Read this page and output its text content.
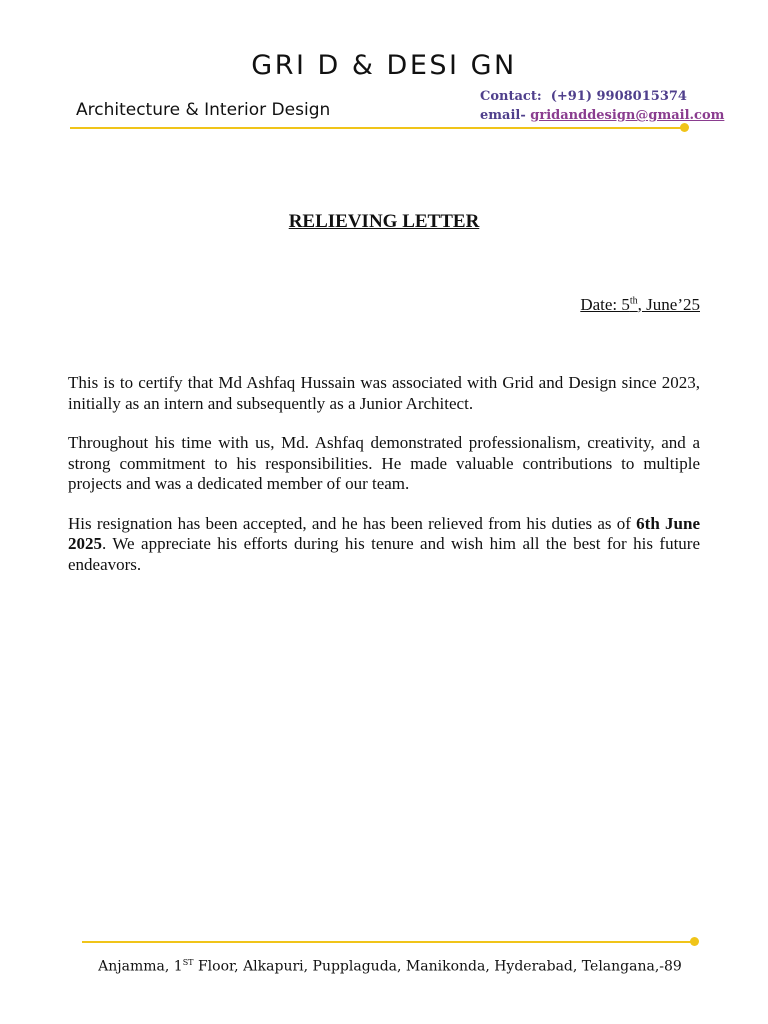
GRI D & DESI GN
Architecture & Interior Design
Contact: (+91) 9908015374
email- gridanddesign@gmail.com
RELIEVING LETTER
Date: 5th, June’25

This is to certify that Md Ashfaq Hussain was associated with Grid and Design since 2023, initially as an intern and subsequently as a Junior Architect.

Throughout his time with us, Md. Ashfaq demonstrated professionalism, creativity, and a strong commitment to his responsibilities. He made valuable contributions to multiple projects and was a dedicated member of our team.

His resignation has been accepted, and he has been relieved from his duties as of 6th June 2025. We appreciate his efforts during his tenure and wish him all the best for his future endeavors.

Anjamma, 1ST Floor, Alkapuri, Pupplaguda, Manikonda, Hyderabad, Telangana,-89
